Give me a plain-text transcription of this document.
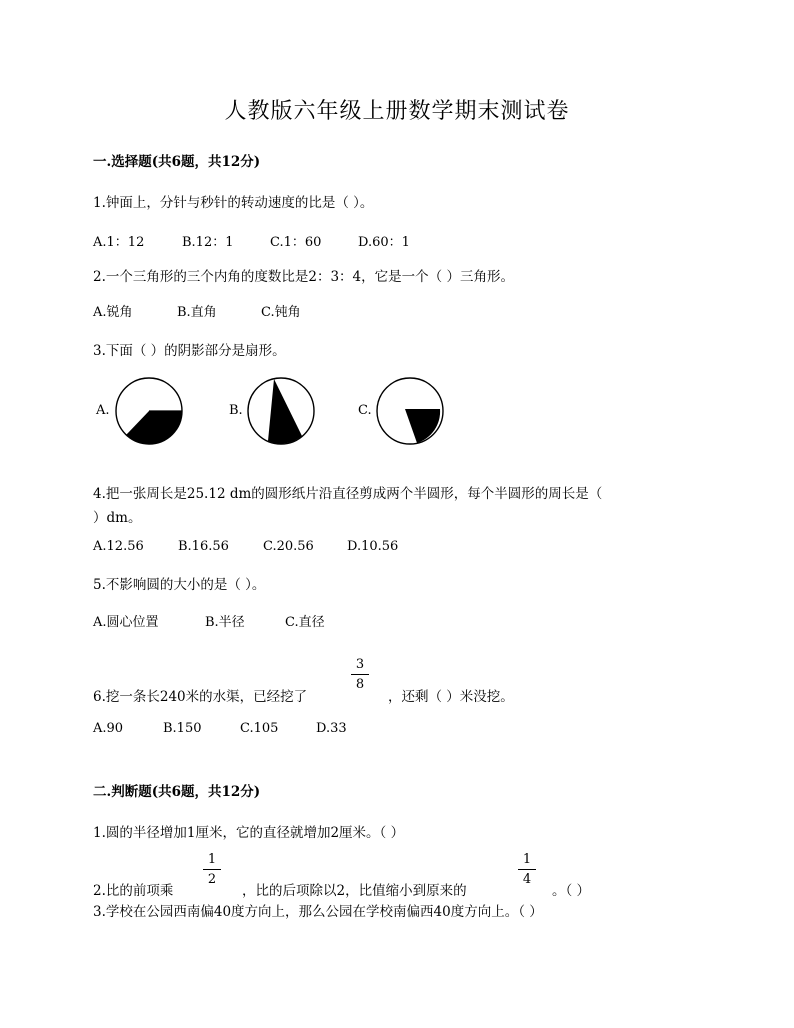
人教版六年级上册数学期末测试卷
一.选择题(共6题，共12分)
1.钟面上，分针与秒针的转动速度的比是（ ）。
A.1：12	B.12：1	C.1：60	D.60：1
2.一个三角形的三个内角的度数比是2：3：4，它是一个（ ）三角形。
A.锐角	B.直角	C.钝角
3.下面（ ）的阴影部分是扇形。
A.	B.	C.
4.把一张周长是25.12 dm的圆形纸片沿直径剪成两个半圆形，每个半圆形的周长是（
）dm。
A.12.56	B.16.56	C.20.56	D.10.56
5.不影响圆的大小的是（ ）。
A.圆心位置	B.半径	C.直径
6.挖一条长240米的水渠，已经挖了
3
8
，还剩（ ）米没挖。
A.90	B.150	C.105	D.33
二.判断题(共6题，共12分)
1.圆的半径增加1厘米，它的直径就增加2厘米。（ ）
2.比的前项乘
1
2
，比的后项除以2，比值缩小到原来的
1
4
。（ ）
3.学校在公园西南偏40度方向上，那么公园在学校南偏西40度方向上。（ ）
